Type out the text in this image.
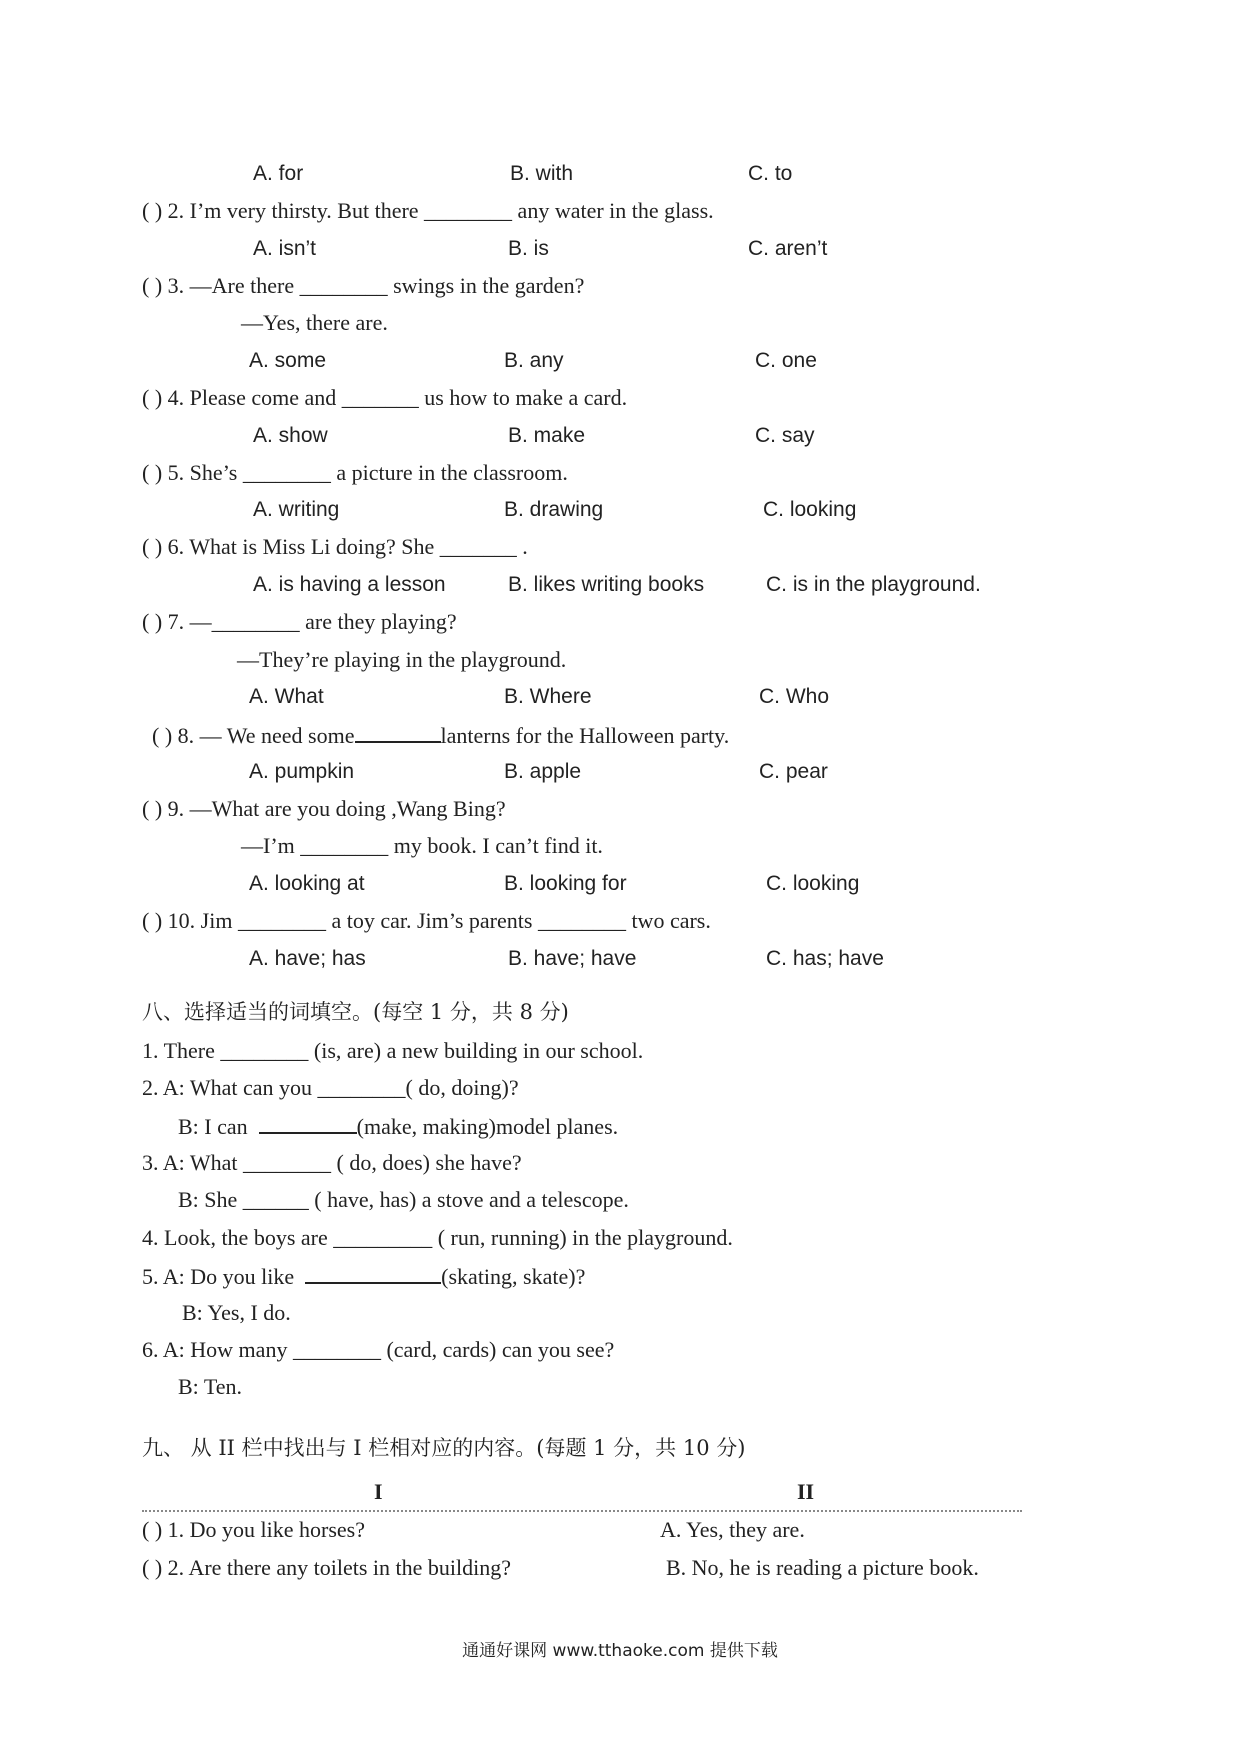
A. for	B. with	C. to
( ) 2. I’m very thirsty. But there ________ any water in the glass.
A. isn’t	B. is	C. aren’t
( ) 3. —Are there ________ swings in the garden?
—Yes, there are.
A. some	B. any	C. one
( ) 4. Please come and _______ us how to make a card.
A. show	B. make	C. say
( ) 5. She’s ________ a picture in the classroom.
A. writing	B. drawing	C. looking
( ) 6. What is Miss Li doing? She _______ .
A. is having a lesson	B. likes writing books	C. is in the playground.
( ) 7. —________ are they playing?
—They’re playing in the playground.
A. What	B. Where	C. Who
( ) 8. — We need some	lanterns for the Halloween party.
A. pumpkin	B. apple	C. pear
( ) 9. —What are you doing ,Wang Bing?
—I’m ________ my book. I can’t find it.
A. looking at	B. looking for	C. looking
( ) 10. Jim ________ a toy car. Jim’s parents ________ two cars.
A. have; has	B. have; have	C. has; have
八、选择适当的词填空。(每空 1 分，共 8 分)
1. There ________ (is, are) a new building in our school.
2. A: What can you ________( do, doing)?
B: I can	(make, making)model planes.
3. A: What ________ ( do, does) she have?
B: She ______ ( have, has) a stove and a telescope.
4. Look, the boys are _________ ( run, running) in the playground.
5. A: Do you like	(skating, skate)?
B: Yes, I do.
6. A: How many ________ (card, cards) can you see?
B: Ten.
九、 从 II 栏中找出与 I 栏相对应的内容。(每题 1 分，共 10 分)
I	II
( ) 1. Do you like horses?	A. Yes, they are.
( ) 2. Are there any toilets in the building?	B. No, he is reading a picture book.
通通好课网 www.tthaoke.com 提供下载
